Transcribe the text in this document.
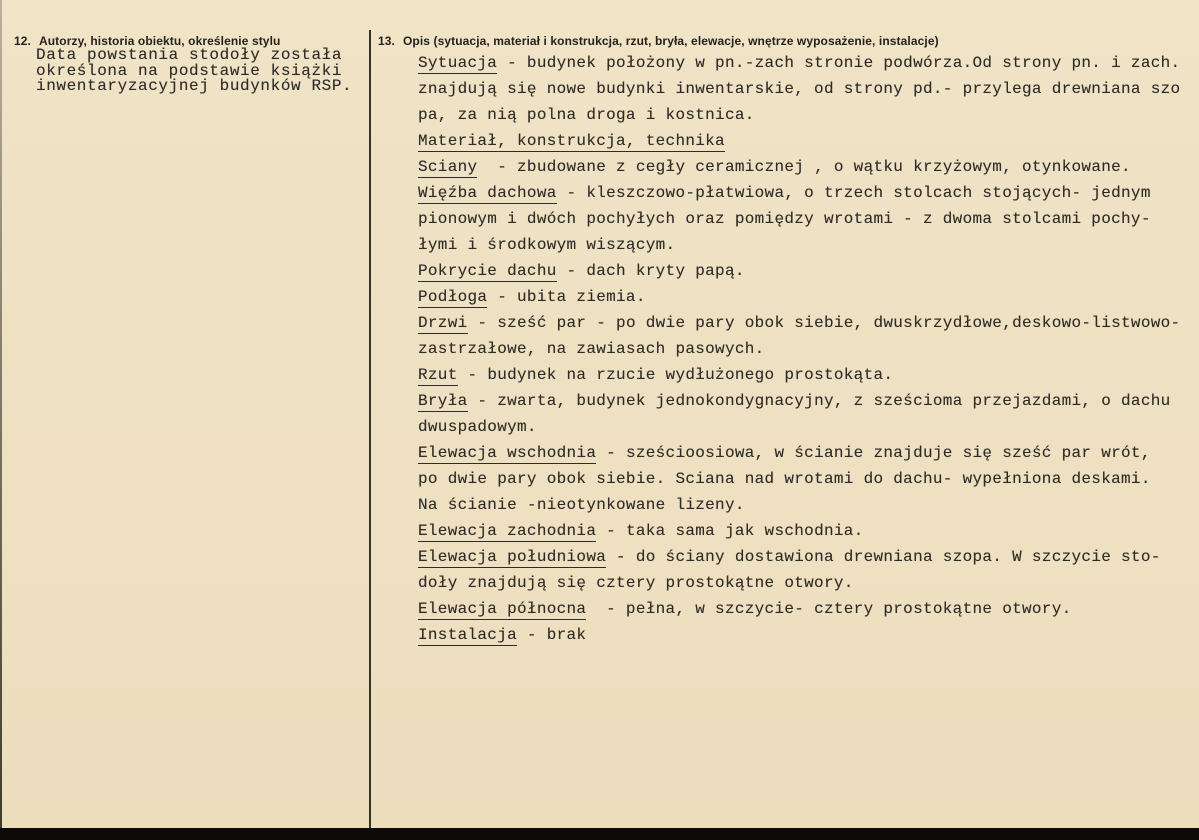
12. Autorzy, historia obiektu, określenie stylu
Data powstania stodoły została
określona na podstawie książki
inwentaryzacyjnej budynków RSP.
13. Opis (sytuacja, materiał i konstrukcja, rzut, bryła, elewacje, wnętrze wyposażenie, instalacje)
Sytuacja - budynek położony w pn.-zach stronie podwórza.Od strony pn. i zach.
znajdują się nowe budynki inwentarskie, od strony pd.- przylega drewniana szo
pa, za nią polna droga i kostnica.
Materiał, konstrukcja, technika
Sciany  - zbudowane z cegły ceramicznej , o wątku krzyżowym, otynkowane.
Więźba dachowa - kleszczowo-płatwiowa, o trzech stolcach stojących- jednym
pionowym i dwóch pochyłych oraz pomiędzy wrotami - z dwoma stolcami pochy-
łymi i środkowym wiszącym.
Pokrycie dachu - dach kryty papą.
Podłoga - ubita ziemia.
Drzwi - sześć par - po dwie pary obok siebie, dwuskrzydłowe,deskowo-listwowo-
zastrzałowe, na zawiasach pasowych.
Rzut - budynek na rzucie wydłużonego prostokąta.
Bryła - zwarta, budynek jednokondygnacyjny, z sześcioma przejazdami, o dachu
dwuspadowym.
Elewacja wschodnia - sześcioosiowa, w ścianie znajduje się sześć par wrót,
po dwie pary obok siebie. Sciana nad wrotami do dachu- wypełniona deskami.
Na ścianie -nieotynkowane lizeny.
Elewacja zachodnia - taka sama jak wschodnia.
Elewacja południowa - do ściany dostawiona drewniana szopa. W szczycie sto-
doły znajdują się cztery prostokątne otwory.
Elewacja północna  - pełna, w szczycie- cztery prostokątne otwory.
Instalacja - brak
